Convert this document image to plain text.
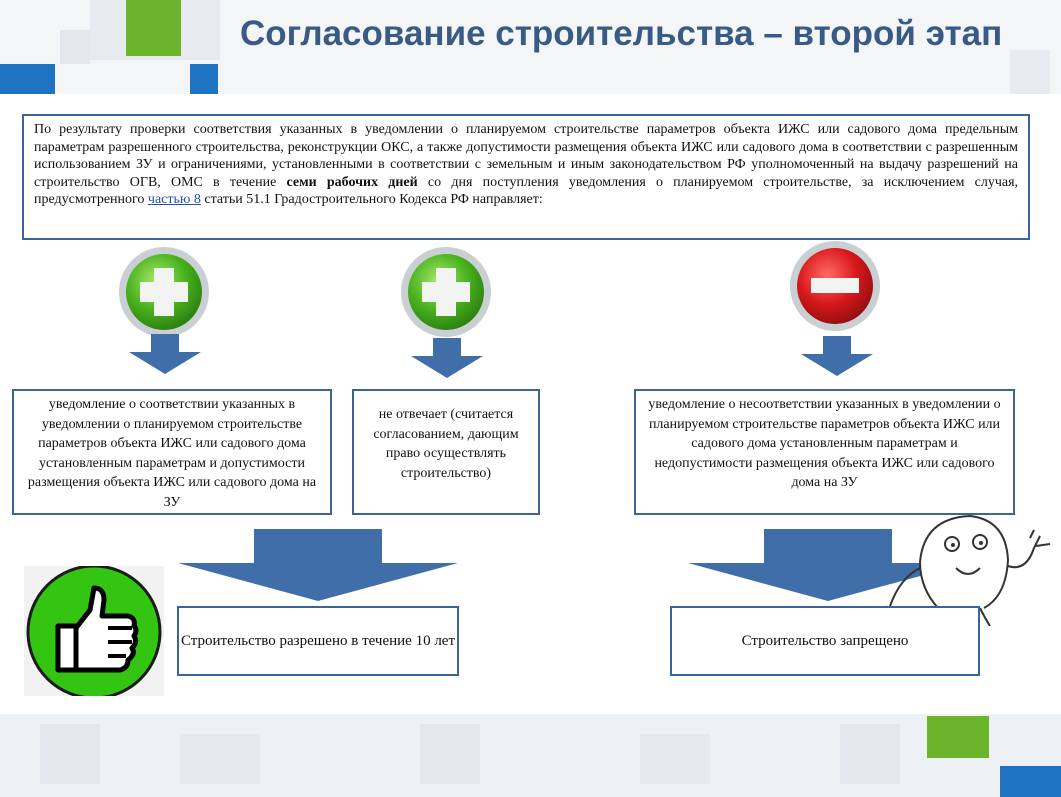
Согласование строительства – второй этап
По результату проверки соответствия указанных в уведомлении о планируемом строительстве параметров объекта ИЖС или садового дома предельным параметрам разрешенного строительства, реконструкции ОКС, а также допустимости размещения объекта ИЖС или садового дома в соответствии с разрешенным использованием ЗУ и ограничениями, установленными в соответствии с земельным и иным законодательством РФ уполномоченный на выдачу разрешений на строительство ОГВ, ОМС в течение семи рабочих дней со дня поступления уведомления о планируемом строительстве, за исключением случая, предусмотренного частью 8 статьи 51.1 Градостроительного Кодекса РФ направляет:
уведомление о соответствии указанных в уведомлении о планируемом строительстве параметров объекта ИЖС или садового дома установленным параметрам и допустимости размещения объекта ИЖС или садового дома на ЗУ
не отвечает (считается согласованием, дающим право осуществлять строительство)
уведомление о несоответствии указанных в уведомлении о планируемом строительстве параметров объекта ИЖС или садового дома установленным параметрам и недопустимости размещения объекта ИЖС или садового дома на ЗУ
Строительство разрешено в течение 10 лет	Строительство запрещено
